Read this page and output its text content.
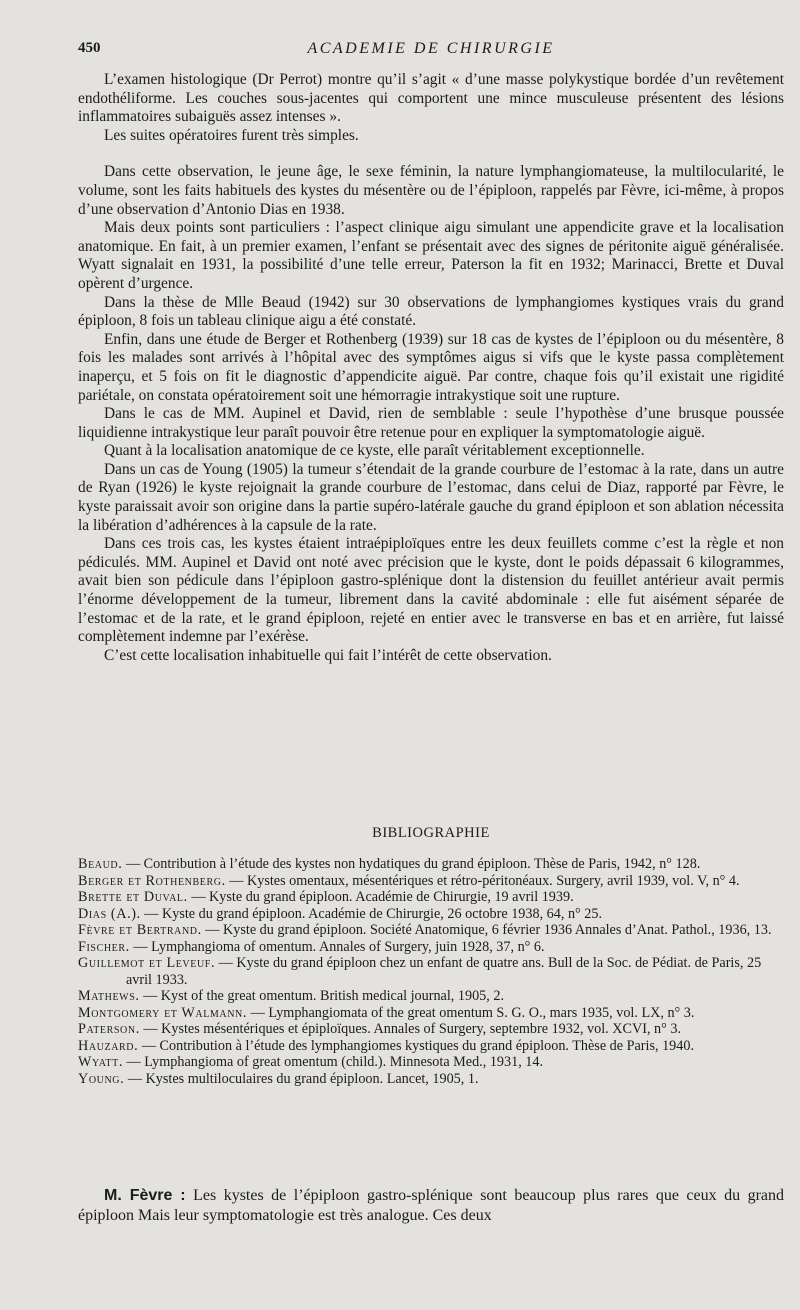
450	ACADEMIE DE CHIRURGIE

L’examen histologique (Dr Perrot) montre qu’il s’agit « d’une masse polykystique bordée d’un revêtement endothéliforme. Les couches sous-jacentes qui comportent une mince musculeuse présentent des lésions inflammatoires subaiguës assez intenses ».

Les suites opératoires furent très simples.

Dans cette observation, le jeune âge, le sexe féminin, la nature lymphangiomateuse, la multilocularité, le volume, sont les faits habituels des kystes du mésentère ou de l’épiploon, rappelés par Fèvre, ici-même, à propos d’une observation d’Antonio Dias en 1938.

Mais deux points sont particuliers : l’aspect clinique aigu simulant une appendicite grave et la localisation anatomique. En fait, à un premier examen, l’enfant se présentait avec des signes de péritonite aiguë généralisée. Wyatt signalait en 1931, la possibilité d’une telle erreur, Paterson la fit en 1932; Marinacci, Brette et Duval opèrent d’urgence.

Dans la thèse de Mlle Beaud (1942) sur 30 observations de lymphangiomes kystiques vrais du grand épiploon, 8 fois un tableau clinique aigu a été constaté.

Enfin, dans une étude de Berger et Rothenberg (1939) sur 18 cas de kystes de l’épiploon ou du mésentère, 8 fois les malades sont arrivés à l’hôpital avec des symptômes aigus si vifs que le kyste passa complètement inaperçu, et 5 fois on fit le diagnostic d’appendicite aiguë. Par contre, chaque fois qu’il existait une rigidité pariétale, on constata opératoirement soit une hémorragie intrakystique soit une rupture.

Dans le cas de MM. Aupinel et David, rien de semblable : seule l’hypothèse d’une brusque poussée liquidienne intrakystique leur paraît pouvoir être retenue pour en expliquer la symptomatologie aiguë.

Quant à la localisation anatomique de ce kyste, elle paraît véritablement exceptionnelle.

Dans un cas de Young (1905) la tumeur s’étendait de la grande courbure de l’estomac à la rate, dans un autre de Ryan (1926) le kyste rejoignait la grande courbure de l’estomac, dans celui de Diaz, rapporté par Fèvre, le kyste paraissait avoir son origine dans la partie supéro-latérale gauche du grand épiploon et son ablation nécessita la libération d’adhérences à la capsule de la rate.

Dans ces trois cas, les kystes étaient intraépiploïques entre les deux feuillets comme c’est la règle et non pédiculés. MM. Aupinel et David ont noté avec précision que le kyste, dont le poids dépassait 6 kilogrammes, avait bien son pédicule dans l’épiploon gastro-splénique dont la distension du feuillet antérieur avait permis l’énorme développement de la tumeur, librement dans la cavité abdominale : elle fut aisément séparée de l’estomac et de la rate, et le grand épiploon, rejeté en entier avec le transverse en bas et en arrière, fut laissé complètement indemne par l’exérèse.

C’est cette localisation inhabituelle qui fait l’intérêt de cette observation.

BIBLIOGRAPHIE

Beaud. — Contribution à l’étude des kystes non hydatiques du grand épiploon. Thèse de Paris, 1942, n° 128.

Berger et Rothenberg. — Kystes omentaux, mésentériques et rétro-péritonéaux. Surgery, avril 1939, vol. V, n° 4.

Brette et Duval. — Kyste du grand épiploon. Académie de Chirurgie, 19 avril 1939.

Dias (A.). — Kyste du grand épiploon. Académie de Chirurgie, 26 octobre 1938, 64, n° 25.

Fèvre et Bertrand. — Kyste du grand épiploon. Société Anatomique, 6 février 1936 Annales d’Anat. Pathol., 1936, 13.

Fischer. — Lymphangioma of omentum. Annales of Surgery, juin 1928, 37, n° 6.

Guillemot et Leveuf. — Kyste du grand épiploon chez un enfant de quatre ans. Bull de la Soc. de Pédiat. de Paris, 25 avril 1933.

Mathews. — Kyst of the great omentum. British medical journal, 1905, 2.

Montgomery et Walmann. — Lymphangiomata of the great omentum S. G. O., mars 1935, vol. LX, n° 3.

Paterson. — Kystes mésentériques et épiploïques. Annales of Surgery, septembre 1932, vol. XCVI, n° 3.

Hauzard. — Contribution à l’étude des lymphangiomes kystiques du grand épiploon. Thèse de Paris, 1940.

Wyatt. — Lymphangioma of great omentum (child.). Minnesota Med., 1931, 14.

Young. — Kystes multiloculaires du grand épiploon. Lancet, 1905, 1.

M. Fèvre : Les kystes de l’épiploon gastro-splénique sont beaucoup plus rares que ceux du grand épiploon Mais leur symptomatologie est très analogue. Ces deux
